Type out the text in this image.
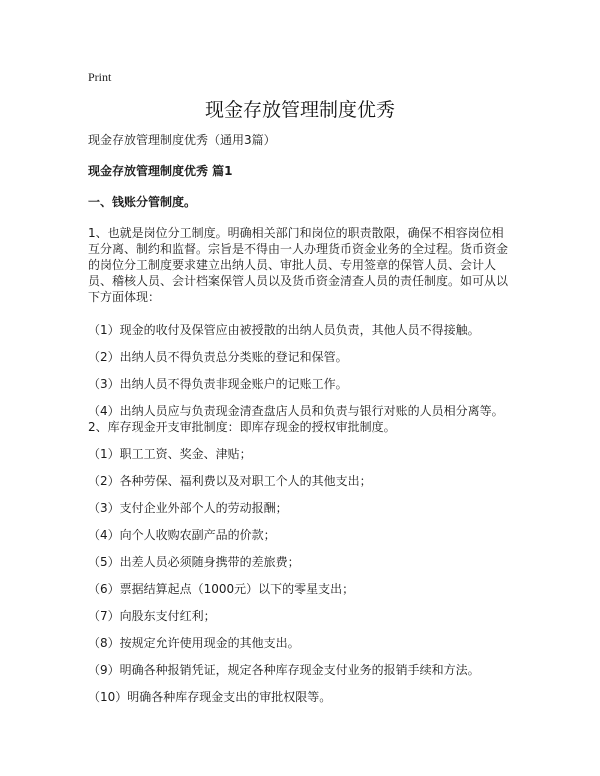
Print
现金存放管理制度优秀

现金存放管理制度优秀（通用3篇）

现金存放管理制度优秀 篇1

一、钱账分管制度。

1、也就是岗位分工制度。明确相关部门和岗位的职责散限，确保不相容岗位相互分离、制约和监督。宗旨是不得由一人办理货币资金业务的全过程。货币资金的岗位分工制度要求建立出纳人员、审批人员、专用签章的保管人员、会计人员、稽核人员、会计档案保管人员以及货币资金清查人员的责任制度。如可从以下方面体现：

（1）现金的收付及保管应由被授散的出纳人员负责，其他人员不得接触。

（2）出纳人员不得负责总分类账的登记和保管。

（3）出纳人员不得负责非现金账户的记账工作。

（4）出纳人员应与负责现金清查盘店人员和负责与银行对账的人员相分离等。

2、库存现金开支审批制度：即库存现金的授权审批制度。

（1）职工工资、奖金、津贴；

（2）各种劳保、福利费以及对职工个人的其他支出；

（3）支付企业外部个人的劳动报酬；

（4）向个人收购农副产品的价款；

（5）出差人员必须随身携带的差旅费；

（6）票据结算起点（1000元）以下的零星支出；

（7）向股东支付红利；

（8）按规定允许使用现金的其他支出。

（9）明确各种报销凭证，规定各种库存现金支付业务的报销手续和方法。

（10）明确各种库存现金支出的审批权限等。
